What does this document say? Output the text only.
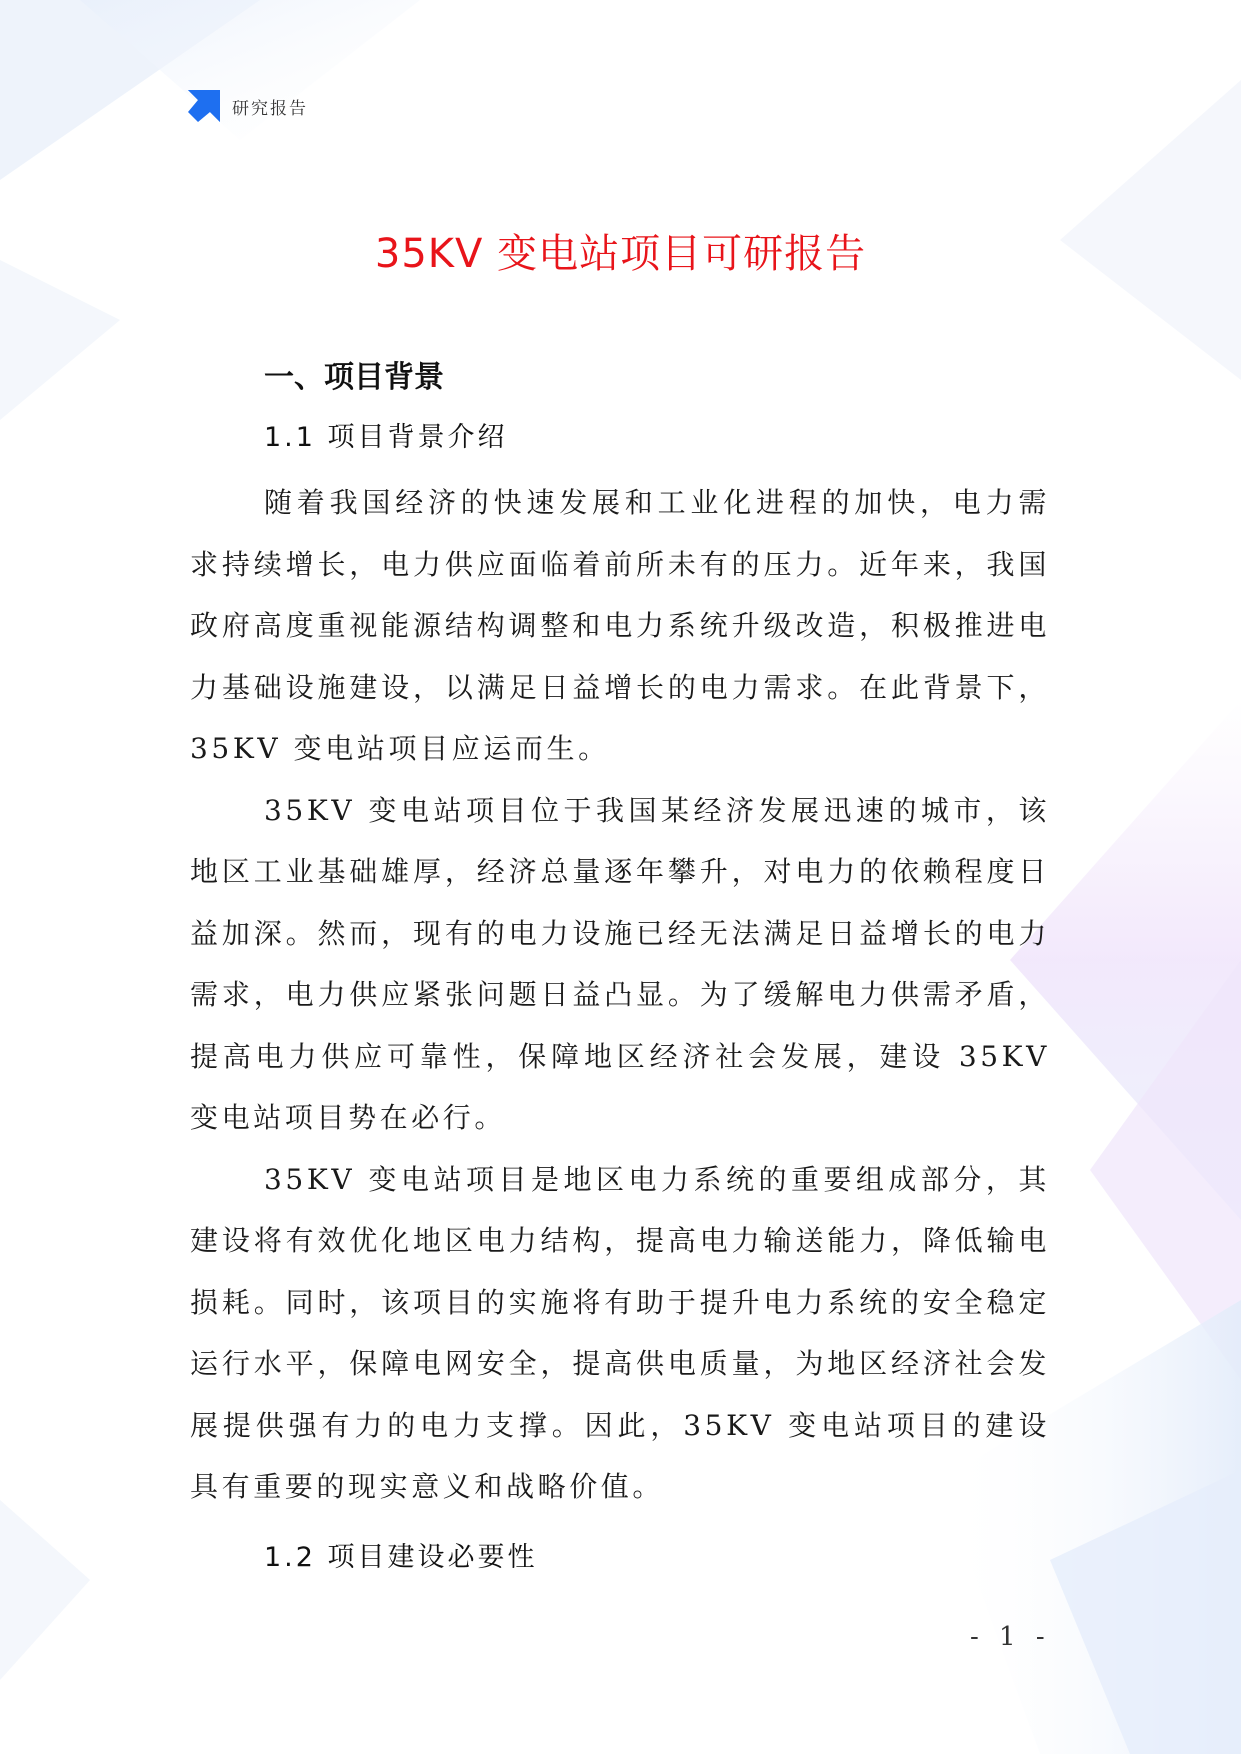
研究报告
35KV 变电站项目可研报告
一、项目背景
1.1 项目背景介绍

随着我国经济的快速发展和工业化进程的加快，电力需求持续增长，电力供应面临着前所未有的压力。近年来，我国政府高度重视能源结构调整和电力系统升级改造，积极推进电力基础设施建设，以满足日益增长的电力需求。在此背景下，35KV 变电站项目应运而生。

35KV 变电站项目位于我国某经济发展迅速的城市，该地区工业基础雄厚，经济总量逐年攀升，对电力的依赖程度日益加深。然而，现有的电力设施已经无法满足日益增长的电力需求，电力供应紧张问题日益凸显。为了缓解电力供需矛盾，提高电力供应可靠性，保障地区经济社会发展，建设 35KV 变电站项目势在必行。

35KV 变电站项目是地区电力系统的重要组成部分，其建设将有效优化地区电力结构，提高电力输送能力，降低输电损耗。同时，该项目的实施将有助于提升电力系统的安全稳定运行水平，保障电网安全，提高供电质量，为地区经济社会发展提供强有力的电力支撑。因此，35KV 变电站项目的建设具有重要的现实意义和战略价值。

1.2 项目建设必要性
- 1 -
